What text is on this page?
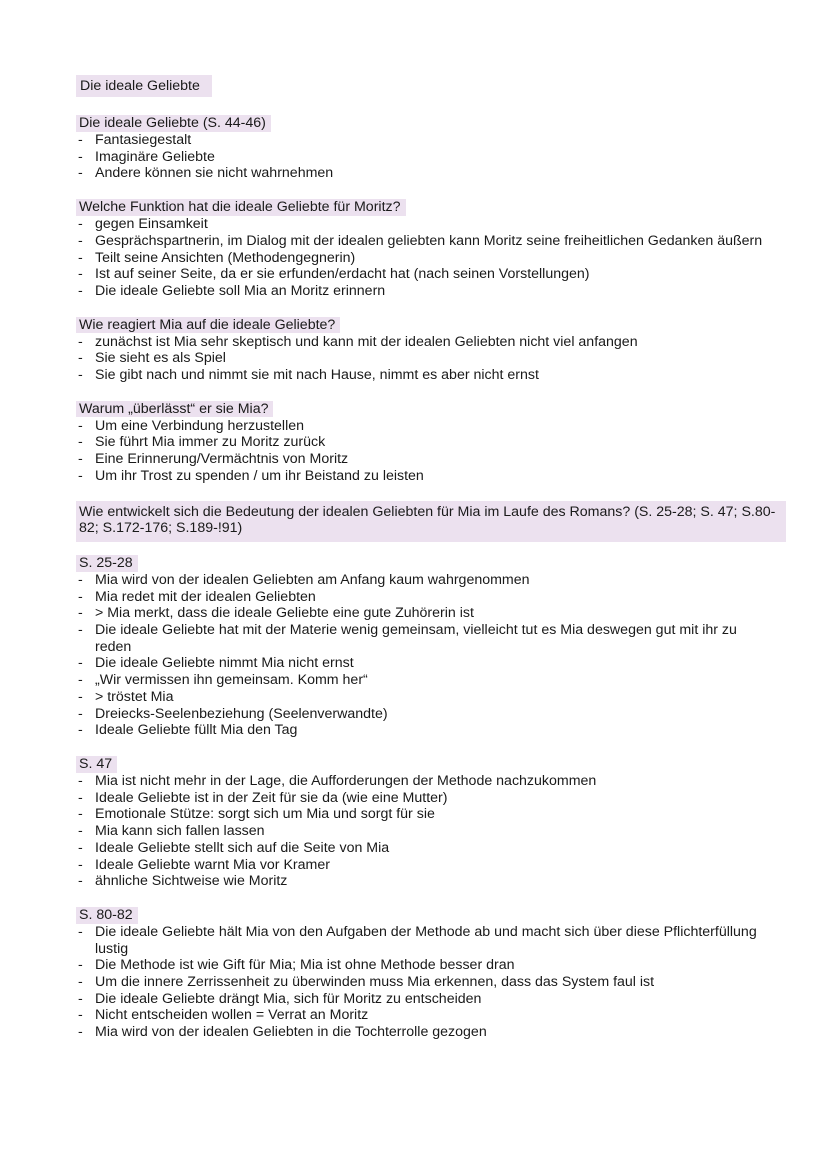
Die ideale Geliebte
Die ideale Geliebte (S. 44-46)
- Fantasiegestalt
- Imaginäre Geliebte
- Andere können sie nicht wahrnehmen
Welche Funktion hat die ideale Geliebte für Moritz?
- gegen Einsamkeit
- Gesprächspartnerin, im Dialog mit der idealen geliebten kann Moritz seine freiheitlichen Gedanken äußern
- Teilt seine Ansichten (Methodengegnerin)
- Ist auf seiner Seite, da er sie erfunden/erdacht hat (nach seinen Vorstellungen)
- Die ideale Geliebte soll Mia an Moritz erinnern
Wie reagiert Mia auf die ideale Geliebte?
- zunächst ist Mia sehr skeptisch und kann mit der idealen Geliebten nicht viel anfangen
- Sie sieht es als Spiel
- Sie gibt nach und nimmt sie mit nach Hause, nimmt es aber nicht ernst
Warum „überlässt“ er sie Mia?
- Um eine Verbindung herzustellen
- Sie führt Mia immer zu Moritz zurück
- Eine Erinnerung/Vermächtnis von Moritz
- Um ihr Trost zu spenden / um ihr Beistand zu leisten
Wie entwickelt sich die Bedeutung der idealen Geliebten für Mia im Laufe des Romans? (S. 25-28; S. 47; S.80-82; S.172-176; S.189-!91)
S. 25-28
- Mia wird von der idealen Geliebten am Anfang kaum wahrgenommen
- Mia redet mit der idealen Geliebten
- > Mia merkt, dass die ideale Geliebte eine gute Zuhörerin ist
- Die ideale Geliebte hat mit der Materie wenig gemeinsam, vielleicht tut es Mia deswegen gut mit ihr zu reden
- Die ideale Geliebte nimmt Mia nicht ernst
- „Wir vermissen ihn gemeinsam. Komm her“
- > tröstet Mia
- Dreiecks-Seelenbeziehung (Seelenverwandte)
- Ideale Geliebte füllt Mia den Tag
S. 47
- Mia ist nicht mehr in der Lage, die Aufforderungen der Methode nachzukommen
- Ideale Geliebte ist in der Zeit für sie da (wie eine Mutter)
- Emotionale Stütze: sorgt sich um Mia und sorgt für sie
- Mia kann sich fallen lassen
- Ideale Geliebte stellt sich auf die Seite von Mia
- Ideale Geliebte warnt Mia vor Kramer
- ähnliche Sichtweise wie Moritz
S. 80-82
- Die ideale Geliebte hält Mia von den Aufgaben der Methode ab und macht sich über diese Pflichterfüllung lustig
- Die Methode ist wie Gift für Mia; Mia ist ohne Methode besser dran
- Um die innere Zerrissenheit zu überwinden muss Mia erkennen, dass das System faul ist
- Die ideale Geliebte drängt Mia, sich für Moritz zu entscheiden
- Nicht entscheiden wollen = Verrat an Moritz
- Mia wird von der idealen Geliebten in die Tochterrolle gezogen
